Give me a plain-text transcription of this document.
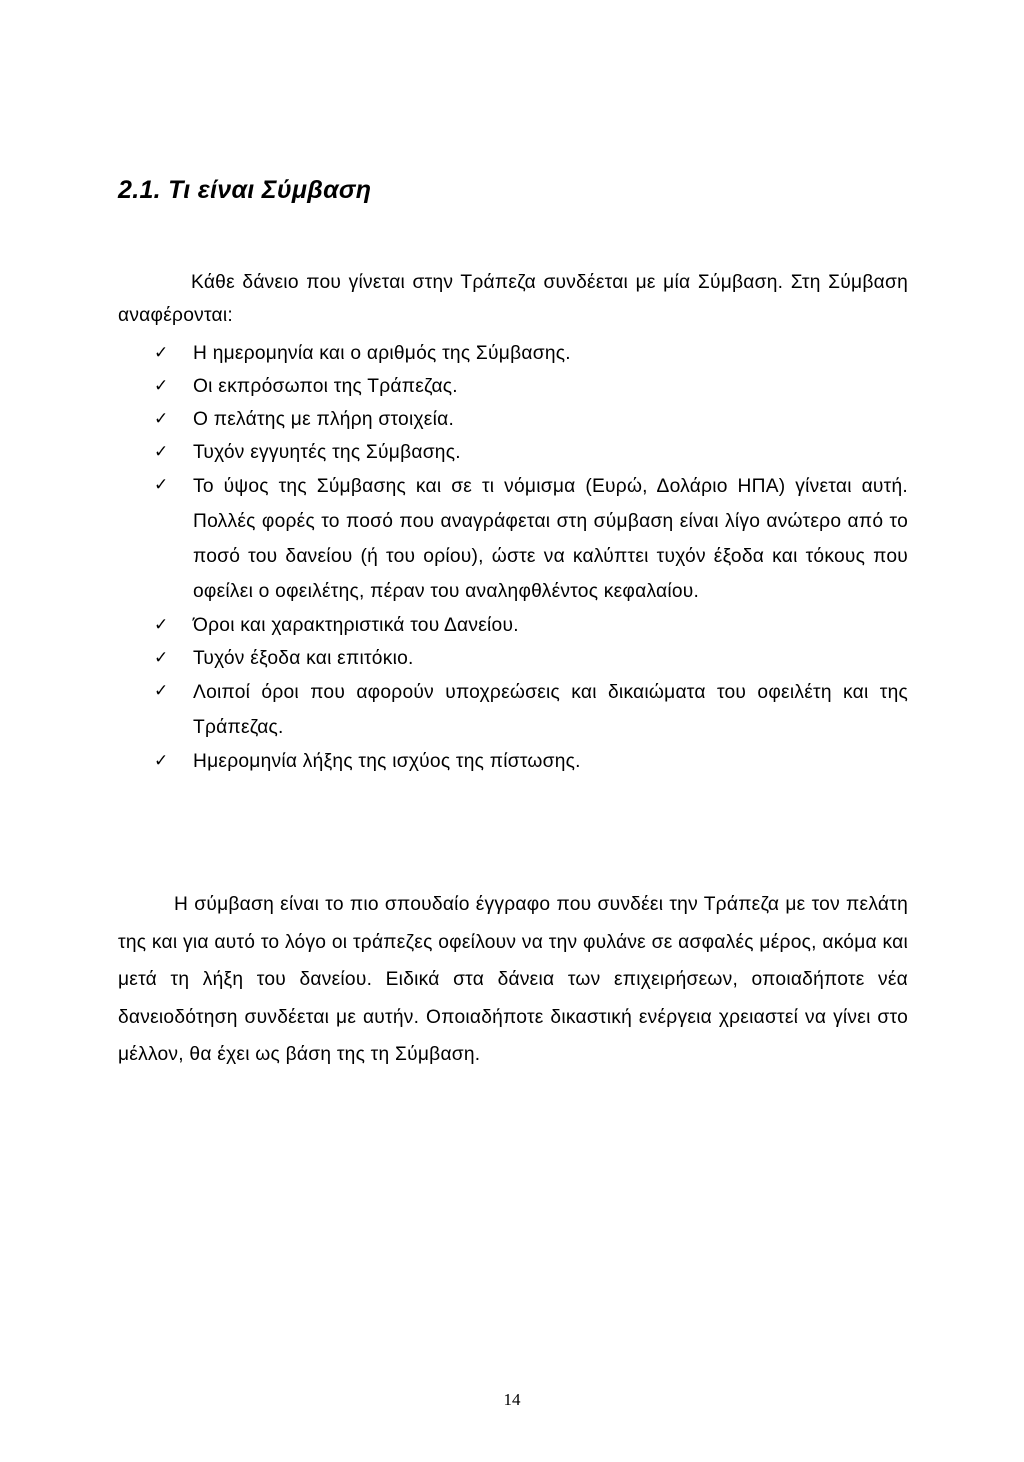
2.1. Τι είναι Σύμβαση

Κάθε δάνειο που γίνεται στην Τράπεζα συνδέεται με μία Σύμβαση. Στη Σύμβαση αναφέρονται:

✓ Η ημερομηνία και ο αριθμός της Σύμβασης.
✓ Οι εκπρόσωποι της Τράπεζας.
✓ Ο πελάτης με πλήρη στοιχεία.
✓ Τυχόν εγγυητές της Σύμβασης.
✓ Το ύψος της Σύμβασης και σε τι νόμισμα (Ευρώ, Δολάριο ΗΠΑ) γίνεται αυτή. Πολλές φορές το ποσό που αναγράφεται στη σύμβαση είναι λίγο ανώτερο από το ποσό του δανείου (ή του ορίου), ώστε να καλύπτει τυχόν έξοδα και τόκους που οφείλει ο οφειλέτης, πέραν του αναληφθλέντος κεφαλαίου.
✓ Όροι και χαρακτηριστικά του Δανείου.
✓ Τυχόν έξοδα και επιτόκιο.
✓ Λοιποί όροι που αφορούν υποχρεώσεις και δικαιώματα του οφειλέτη και της Τράπεζας.
✓ Ημερομηνία λήξης της ισχύος της πίστωσης.

Η σύμβαση είναι το πιο σπουδαίο έγγραφο που συνδέει την Τράπεζα με τον πελάτη της και για αυτό το λόγο οι τράπεζες οφείλουν να την φυλάνε σε ασφαλές μέρος, ακόμα και μετά τη λήξη του δανείου. Ειδικά στα δάνεια των επιχειρήσεων, οποιαδήποτε νέα δανειοδότηση συνδέεται με αυτήν. Οποιαδήποτε δικαστική ενέργεια χρειαστεί να γίνει στο μέλλον, θα έχει ως βάση της τη Σύμβαση.

14
